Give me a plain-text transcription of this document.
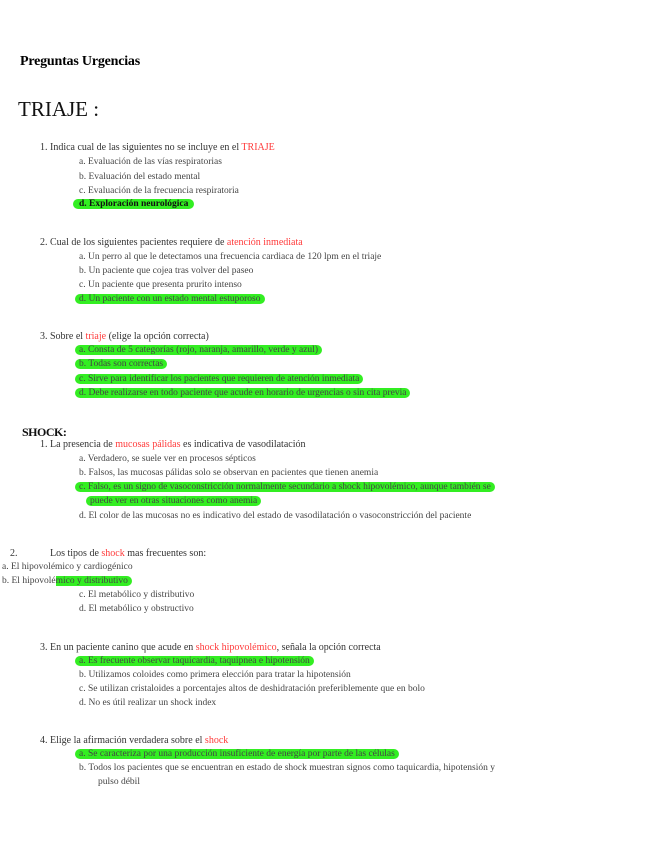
Preguntas Urgencias
TRIAJE :
1. Indica cual de las siguientes no se incluye en el TRIAJE
a. Evaluación de las vías respiratorias
b. Evaluación del estado mental
c. Evaluación de la frecuencia respiratoria
d. Exploración neurológica
2. Cual de los siguientes pacientes requiere de atención inmediata
a. Un perro al que le detectamos una frecuencia cardiaca de 120 lpm en el triaje
b. Un paciente que cojea tras volver del paseo
c. Un paciente que presenta prurito intenso
d. Un paciente con un estado mental estuporoso
3. Sobre el triaje (elige la opción correcta)
a. Consta de 5 categorías (rojo, naranja, amarillo, verde y azul)
b. Todas son correctas
c. Sirve para identificar los pacientes que requieren de atención inmediata
d. Debe realizarse en todo paciente que acude en horario de urgencias o sin cita previa
SHOCK:
1. La presencia de mucosas pálidas es indicativa de vasodilatación
a. Verdadero, se suele ver en procesos sépticos
b. Falsos, las mucosas pálidas solo se observan en pacientes que tienen anemia
c. Falso, es un signo de vasoconstricción normalmente secundario a shock hipovolémico, aunque también se
puede ver en otras situaciones como anemia
d. El color de las mucosas no es indicativo del estado de vasodilatación o vasoconstricción del paciente
2.	Los tipos de shock mas frecuentes son:
a. El hipovolémico y cardiogénico
b. El hipovolémico y distributivo
c. El metabólico y distributivo
d. El metabólico y obstructivo
3. En un paciente canino que acude en shock hipovolémico, señala la opción correcta
a. Es frecuente observar taquicardia, taquipnea e hipotensión
b. Utilizamos coloides como primera elección para tratar la hipotensión
c. Se utilizan cristaloides a porcentajes altos de deshidratación preferiblemente que en bolo
d. No es útil realizar un shock index
4. Elige la afirmación verdadera sobre el shock
a. Se caracteriza por una producción insuficiente de energía por parte de las células
b. Todos los pacientes que se encuentran en estado de shock muestran signos como taquicardia, hipotensión y
pulso débil
